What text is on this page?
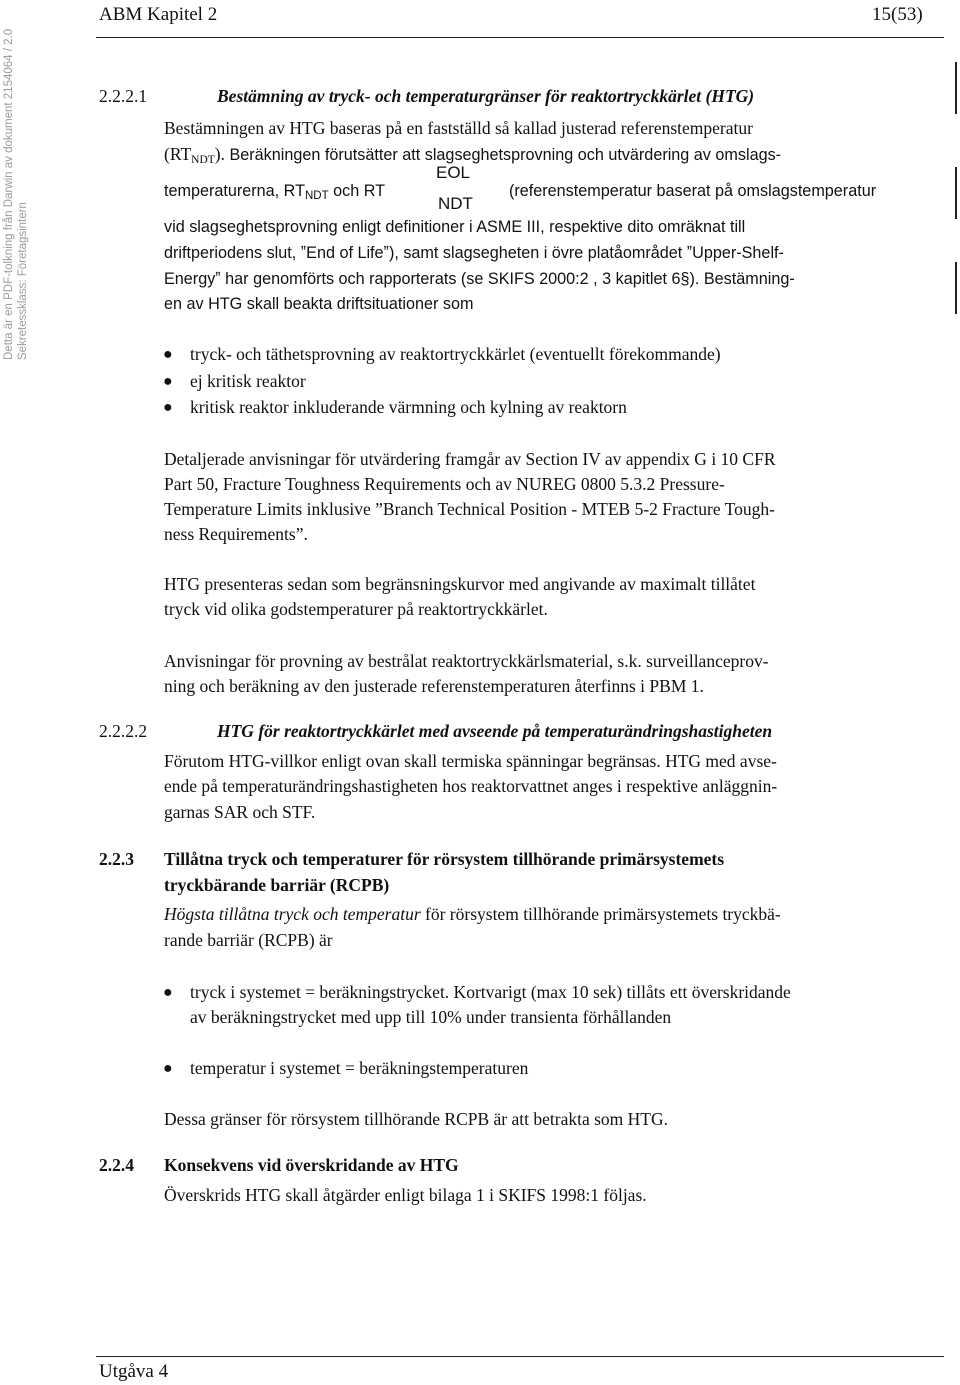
Detta är en PDF-tolkning från Darwin av dokument 2154064 / 2.0 Sekretessklass: Företagsintern
ABM Kapitel 2	15(53)
2.2.2.1	Bestämning av tryck- och temperaturgränser för reaktortryckkärlet (HTG)
Bestämningen av HTG baseras på en fastställd så kallad justerad referenstemperatur
$(RT_{NDT})$. Beräkningen förutsätter att slagseghetsprovning och utvärdering av omslags-
temperaturerna, $RT_{NDT}$ och RT
EOL
NDT
(referenstemperatur baserat på omslagstemperatur
vid slagseghetsprovning enligt definitioner i ASME III, respektive dito omräknat till
driftperiodens slut, ˮEnd of Lifeˮ), samt slagsegheten i övre platåområdet ˮUpper-Shelf-
Energyˮ har genomförts och rapporterats (se SKIFS 2000:2 , 3 kapitlet 6§). Bestämning-
en av HTG skall beakta driftsituationer som
● tryck- och täthetsprovning av reaktortryckkärlet (eventuellt förekommande)
● ej kritisk reaktor
● kritisk reaktor inkluderande värmning och kylning av reaktorn
Detaljerade anvisningar för utvärdering framgår av Section IV av appendix G i 10 CFR
Part 50, Fracture Toughness Requirements och av NUREG 0800 5.3.2 Pressure-
Temperature Limits inklusive ˮBranch Technical Position - MTEB 5-2 Fracture Tough-
ness Requirementsˮ.
HTG presenteras sedan som begränsningskurvor med angivande av maximalt tillåtet
tryck vid olika godstemperaturer på reaktortryckkärlet.
Anvisningar för provning av bestrålat reaktortryckkärlsmaterial, s.k. surveillanceprov-
ning och beräkning av den justerade referenstemperaturen återfinns i PBM 1.
2.2.2.2	HTG för reaktortryckkärlet med avseende på temperaturändringshastigheten
Förutom HTG-villkor enligt ovan skall termiska spänningar begränsas. HTG med avse-
ende på temperaturändringshastigheten hos reaktorvattnet anges i respektive anläggnin-
garnas SAR och STF.
2.2.3 Tillåtna tryck och temperaturer för rörsystem tillhörande primärsystemets
tryckbärande barriär (RCPB)
Högsta tillåtna tryck och temperatur för rörsystem tillhörande primärsystemets tryckbä-
rande barriär (RCPB) är
● tryck i systemet = beräkningstrycket. Kortvarigt (max 10 sek) tillåts ett överskridande
av beräkningstrycket med upp till 10% under transienta förhållanden
● temperatur i systemet = beräkningstemperaturen
Dessa gränser för rörsystem tillhörande RCPB är att betrakta som HTG.
2.2.4 Konsekvens vid överskridande av HTG
Överskrids HTG skall åtgärder enligt bilaga 1 i SKIFS 1998:1 följas.
Utgåva 4
